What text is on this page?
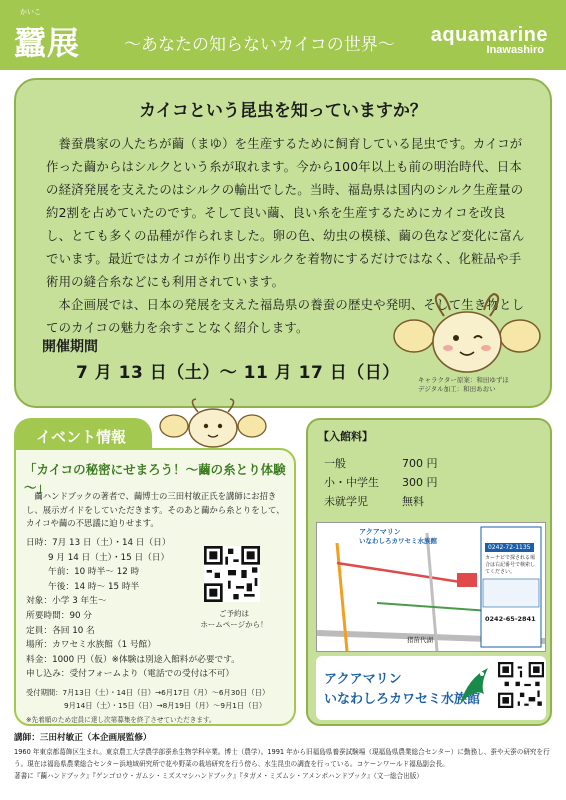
かいこ
蠶展	～あなたの知らないカイコの世界～ aquamarine
Inawashiro
カイコという昆虫を知っていますか？

養蚕農家の人たちが繭（まゆ）を生産するために飼育している昆虫です。カイコが作った繭からはシルクという糸が取れます。今から100年以上も前の明治時代、日本の経済発展を支えたのはシルクの輸出でした。当時、福島県は国内のシルク生産量の約2割を占めていたのです。そして良い繭、良い糸を生産するためにカイコを改良し、とても多くの品種が作られました。卵の色、幼虫の模様、繭の色など変化に富んでいます。最近ではカイコが作り出すシルクを着物にするだけではなく、化粧品や手術用の縫合糸などにも利用されています。

本企画展では、日本の発展を支えた福島県の養蚕の歴史や発明、そして生き物としてのカイコの魅力を余すことなく紹介します。

開催期間
7 月 13 日（土）～ 11 月 17 日（日）	キャラクター原案：和田ゆずほ
デジタル加工：和田あおい
イベント情報
「カイコの秘密にせまろう！～繭の糸とり体験～」

繭ハンドブックの著者で、繭博士の三田村敏正氏を講師にお招きし、展示ガイドをしていただきます。そのあと繭から糸とりをして、カイコや繭の不思議に迫りせます。

日時：7月 13 日（土）・14 日（日）
9 月 14 日（土）・15 日（日）
午前：10 時半～ 12 時
午後：14 時～ 15 時半
対象：小学 3 年生～
所要時間：90 分
定員：各回 10 名
場所：カワセミ水族館（1 号館）
料金：1000 円（仮）※体験は別途入館料が必要です。
申し込み：受付フォームより（電話での受付は不可）
ご予約は
ホームページから！
受付期間：7月13日（土）・14日（日）→6月17日（月）～6月30日（日）
9月14日（土）・15日（日）→8月19日（月）～9月1日（日）
※先着順のため定員に達し次第募集を終了させていただきます。
【入館料】
一般	700 円
小・中学生	300 円
未就学児	無料
アクアマリン
いなわしろカワセミ水族館
0242-72-1135
カーナビで探される場合は右記番号で検索してください。
0242-65-2841
猪苗代湖
アクアマリン
いなわしろカワセミ水族館
講師：三田村敏正（本企画展監修）
1960 年東京都葛飾区生まれ。東京農工大学農学部蚕糸生物学科卒業。博士（農学）。1991 年から旧福島県養蚕試験場（現福島県農業総合センター）に勤務し、蚕や天蚕の研究を行う。現在は福島県農業総合センター浜地域研究所で花や野菜の栽培研究を行う傍ら、水生昆虫の調査を行っている。コケーンワールド福島副会長。
著書に『繭ハンドブック』『ゲンゴロウ・ガムシ・ミズスマシハンドブック』『タガメ・ミズムシ・アメンボハンドブック』（文一総合出版）
